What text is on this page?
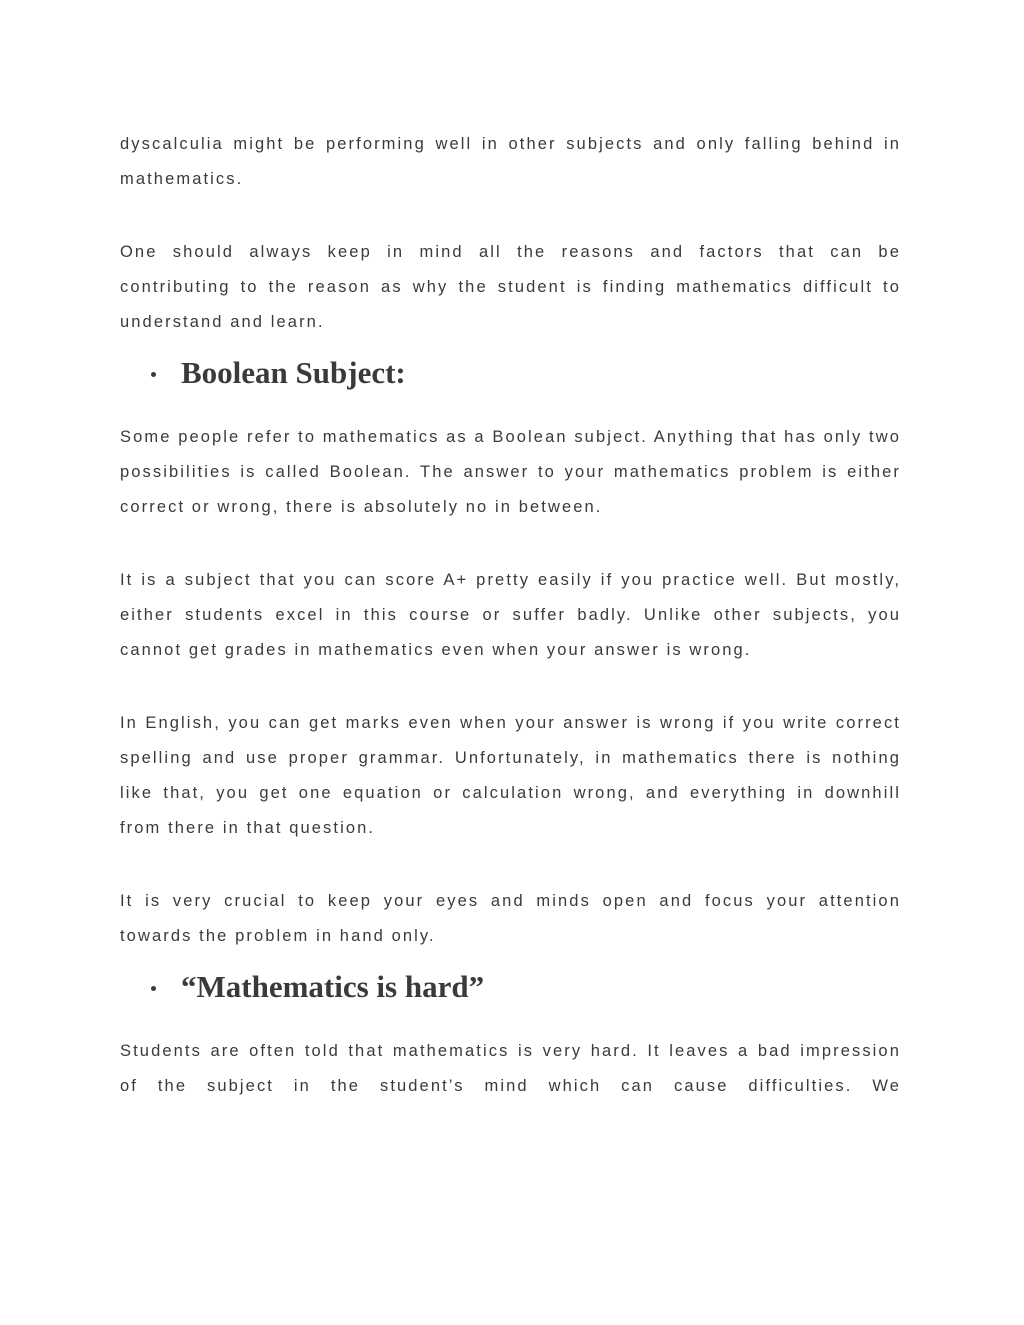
dyscalculia might be performing well in other subjects and only falling behind in mathematics.

One should always keep in mind all the reasons and factors that can be contributing to the reason as why the student is finding mathematics difficult to understand and learn.

Boolean Subject:

Some people refer to mathematics as a Boolean subject. Anything that has only two possibilities is called Boolean. The answer to your mathematics problem is either correct or wrong, there is absolutely no in between.

It is a subject that you can score A+ pretty easily if you practice well. But mostly, either students excel in this course or suffer badly. Unlike other subjects, you cannot get grades in mathematics even when your answer is wrong.

In English, you can get marks even when your answer is wrong if you write correct spelling and use proper grammar. Unfortunately, in mathematics there is nothing like that, you get one equation or calculation wrong, and everything in downhill from there in that question.

It is very crucial to keep your eyes and minds open and focus your attention towards the problem in hand only.

“Mathematics is hard”

Students are often told that mathematics is very hard. It leaves a bad impression of the subject in the student’s mind which can cause difficulties. We
